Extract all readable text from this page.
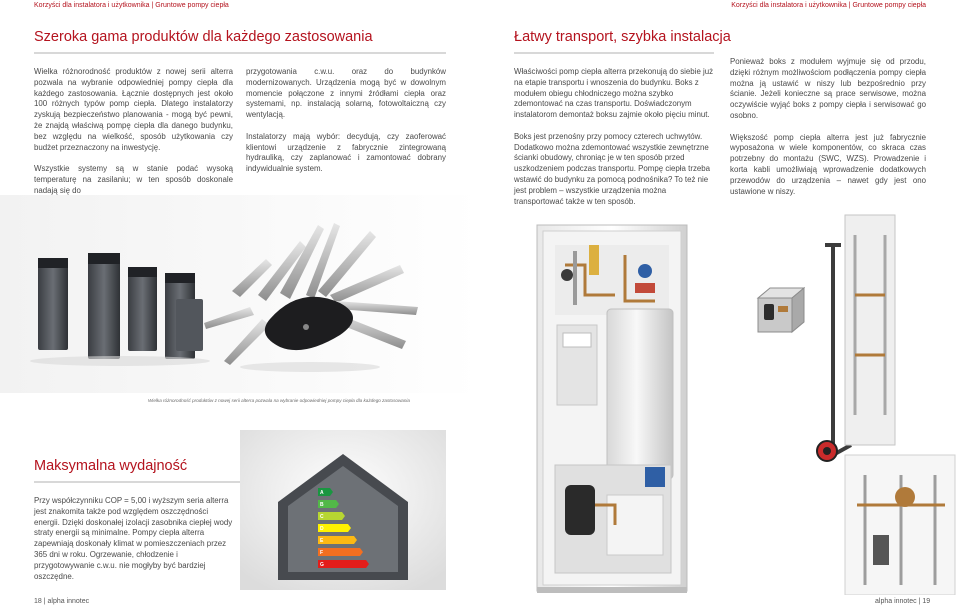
Korzyści dla instalatora i użytkownika | Gruntowe pompy ciepła	Korzyści dla instalatora i użytkownika | Gruntowe pompy ciepła
Szeroka gama produktów dla każdego zastosowania

Wielka różnorodność produktów z nowej serii alterra pozwala na wybranie odpowiedniej pompy ciepła dla każdego zastosowania. Łącznie dostępnych jest około 100 różnych typów pomp ciepła. Dlatego instalatorzy zyskują bezpieczeństwo planowania - mogą być pewni, że znajdą właściwą pompę ciepła dla danego budynku, bez względu na wielkość, sposób użytkowania czy budżet przeznaczony na inwestycję.

Wszystkie systemy są w stanie podać wysoką temperaturę na zasilaniu; w ten sposób doskonale nadają się do

przygotowania c.w.u. oraz do budynków modernizowanych. Urządzenia mogą być w dowolnym momencie połączone z innymi źródłami ciepła oraz systemami, np. instalacją solarną, fotowoltaiczną czy wentylacją.

Instalatorzy mają wybór: decydują, czy zaoferować klientowi urządzenie z fabrycznie zintegrowaną hydrauliką, czy zaplanować i zamontować dobrany indywidualnie system.

Wielka różnorodność produktów z nowej serii alterra pozwala na wybranie odpowiedniej pompy ciepła dla każdego zastosowania
Maksymalna wydajność
Przy współczynniku COP = 5,00 i wyższym seria alterra jest znakomita także pod względem oszczędności energii. Dzięki doskonałej izolacji zasobnika ciepłej wody straty energii są minimalne. Pompy ciepła alterra zapewniają doskonały klimat w pomieszczeniach przez 365 dni w roku. Ogrzewanie, chłodzenie i przygotowywanie c.w.u. nie mogłyby być bardziej oszczędne.
A
B
C
D
E
F
G
18 | alpha innotec
Łatwy transport, szybka instalacja

Właściwości pomp ciepła alterra przekonują do siebie już na etapie transportu i wnoszenia do budynku. Boks z modułem obiegu chłodniczego można szybko zdemontować na czas transportu. Doświadczonym instalatorom demontaż boksu zajmie około pięciu minut.

Boks jest przenośny przy pomocy czterech uchwytów. Dodatkowo można zdemontować wszystkie zewnętrzne ścianki obudowy, chroniąc je w ten sposób przed uszkodzeniem podczas transportu. Pompę ciepła trzeba wstawić do budynku za pomocą podnośnika? To też nie jest problem – wszystkie urządzenia można transportować także w ten sposób.

Ponieważ boks z modułem wyjmuje się od przodu, dzięki różnym możliwościom podłączenia pompy ciepła można ją ustawić w niszy lub bezpośrednio przy ścianie. Jeżeli konieczne są prace serwisowe, można oczywiście wyjąć boks z pompy ciepła i serwisować go osobno.

Większość pomp ciepła alterra jest już fabrycznie wyposażona w wiele komponentów, co skraca czas potrzebny do montażu (SWC, WZS). Prowadzenie i korta kabli umożliwiają wprowadzenie dodatkowych przewodów do urządzenia – nawet gdy jest ono ustawione w niszy.

alpha innotec | 19
